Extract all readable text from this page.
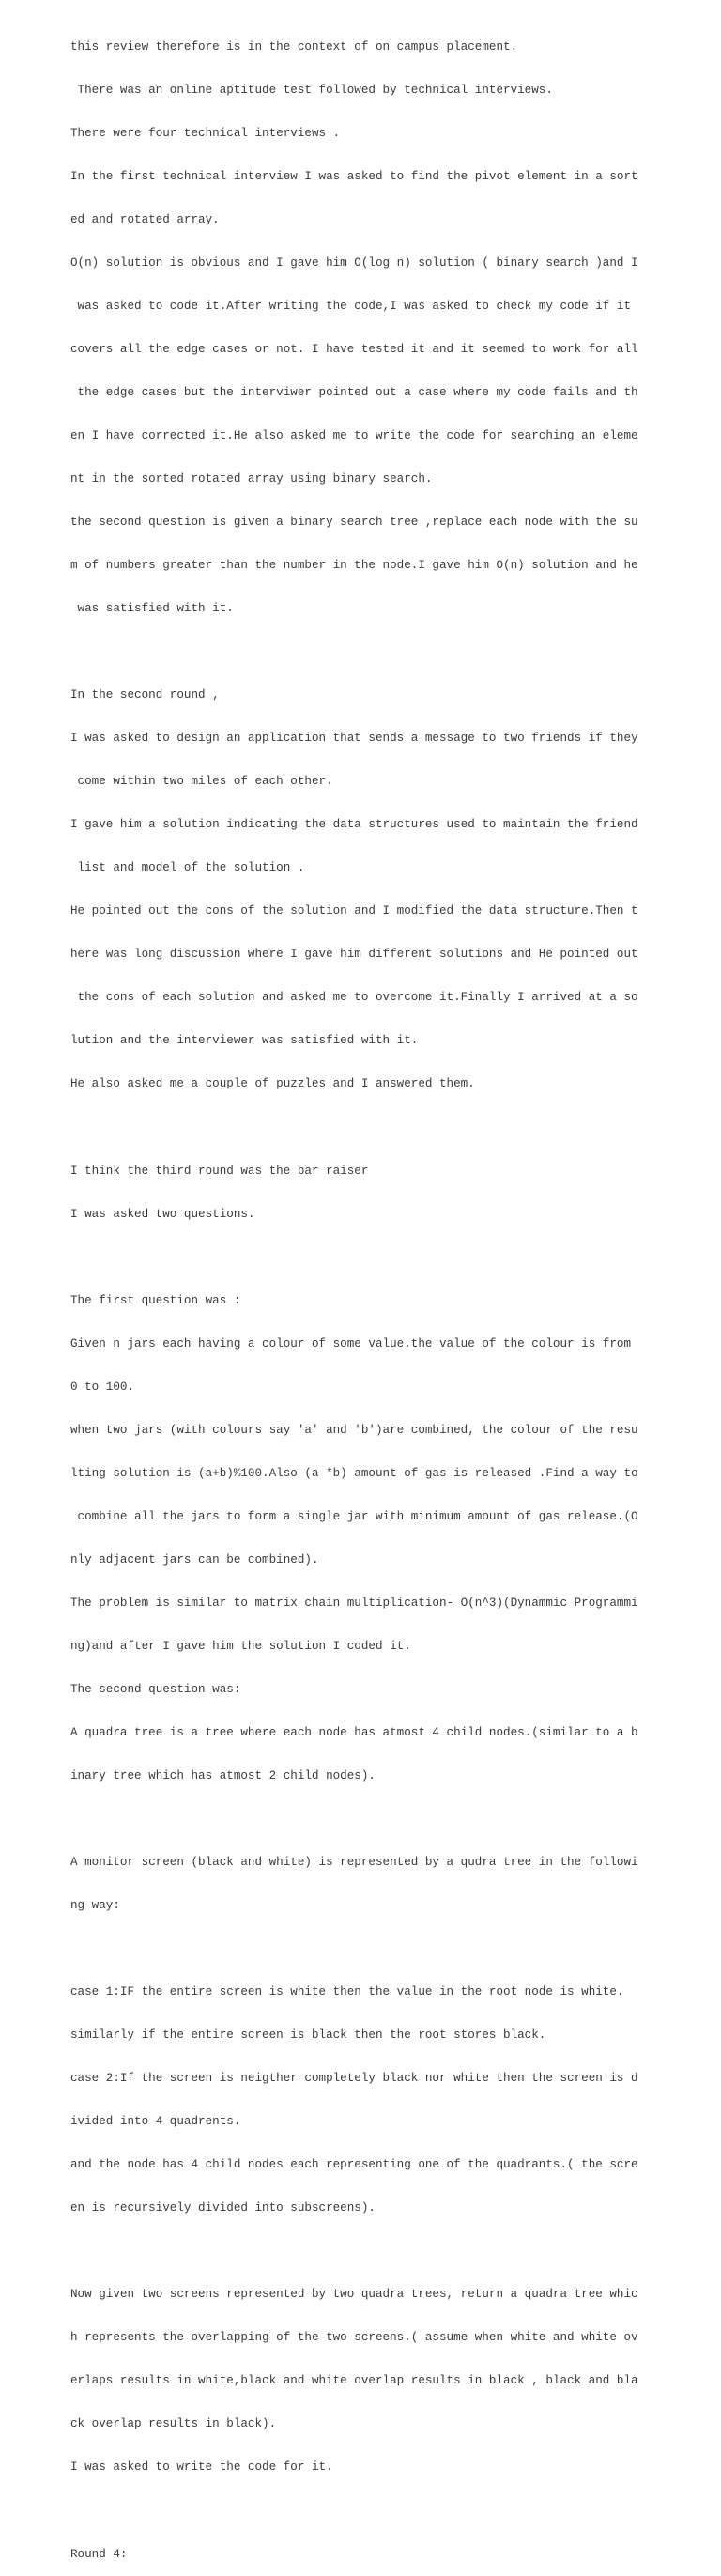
this review therefore is in the context of on campus placement.

There was an online aptitude test followed by technical interviews.

There were four technical interviews .

In the first technical interview I was asked to find the pivot element in a sort

ed and rotated array.

O(n) solution is obvious and I gave him O(log n) solution ( binary search )and I

was asked to code it.After writing the code,I was asked to check my code if it

covers all the edge cases or not. I have tested it and it seemed to work for all

the edge cases but the interviwer pointed out a case where my code fails and th

en I have corrected it.He also asked me to write the code for searching an eleme

nt in the sorted rotated array using binary search.

the second question is given a binary search tree ,replace each node with the su

m of numbers greater than the number in the node.I gave him O(n) solution and he

was satisfied with it.

In the second round ,

I was asked to design an application that sends a message to two friends if they

come within two miles of each other.

I gave him a solution indicating the data structures used to maintain the friend

list and model of the solution .

He pointed out the cons of the solution and I modified the data structure.Then t

here was long discussion where I gave him different solutions and He pointed out

the cons of each solution and asked me to overcome it.Finally I arrived at a so

lution and the interviewer was satisfied with it.

He also asked me a couple of puzzles and I answered them.

I think the third round was the bar raiser

I was asked two questions.

The first question was :

Given n jars each having a colour of some value.the value of the colour is from

0 to 100.

when two jars (with colours say 'a' and 'b')are combined, the colour of the resu

lting solution is (a+b)%100.Also (a *b) amount of gas is released .Find a way to

combine all the jars to form a single jar with minimum amount of gas release.(O

nly adjacent jars can be combined).

The problem is similar to matrix chain multiplication- O(n^3)(Dynammic Programmi

ng)and after I gave him the solution I coded it.

The second question was:

A quadra tree is a tree where each node has atmost 4 child nodes.(similar to a b

inary tree which has atmost 2 child nodes).

A monitor screen (black and white) is represented by a qudra tree in the followi

ng way:

case 1:IF the entire screen is white then the value in the root node is white.

similarly if the entire screen is black then the root stores black.

case 2:If the screen is neigther completely black nor white then the screen is d

ivided into 4 quadrents.

and the node has 4 child nodes each representing one of the quadrants.( the scre

en is recursively divided into subscreens).

Now given two screens represented by two quadra trees, return a quadra tree whic

h represents the overlapping of the two screens.( assume when white and white ov

erlaps results in white,black and white overlap results in black , black and bla

ck overlap results in black).

I was asked to write the code for it.

Round 4:
